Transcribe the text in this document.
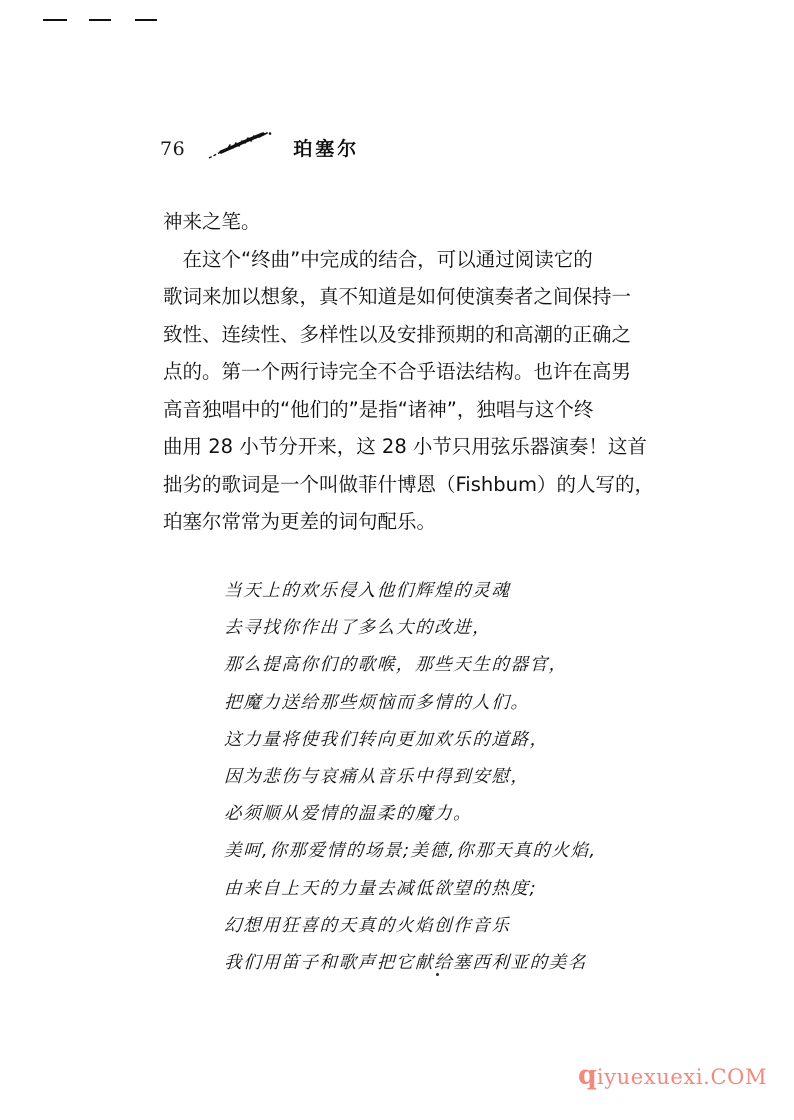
76	珀塞尔
神来之笔。
　在这个“终曲”中完成的结合，可以通过阅读它的
歌词来加以想象，真不知道是如何使演奏者之间保持一
致性、连续性、多样性以及安排预期的和高潮的正确之
点的。第一个两行诗完全不合乎语法结构。也许在高男
高音独唱中的“他们的”是指“诸神”，独唱与这个终
曲用 28 小节分开来，这 28 小节只用弦乐器演奏！这首
拙劣的歌词是一个叫做菲什博恩（Fishbum）的人写的，
珀塞尔常常为更差的词句配乐。
当天上的欢乐侵入他们辉煌的灵魂
去寻找你作出了多么大的改进，
那么提高你们的歌喉，那些天生的器官，
把魔力送给那些烦恼而多情的人们。
这力量将使我们转向更加欢乐的道路，
因为悲伤与哀痛从音乐中得到安慰，
必须顺从爱情的温柔的魔力。
美呵,你那爱情的场景;美德,你那天真的火焰,
由来自上天的力量去减低欲望的热度;
幻想用狂喜的天真的火焰创作音乐
我们用笛子和歌声把它献给塞西利亚的美名
q iyuexuexi.COM
